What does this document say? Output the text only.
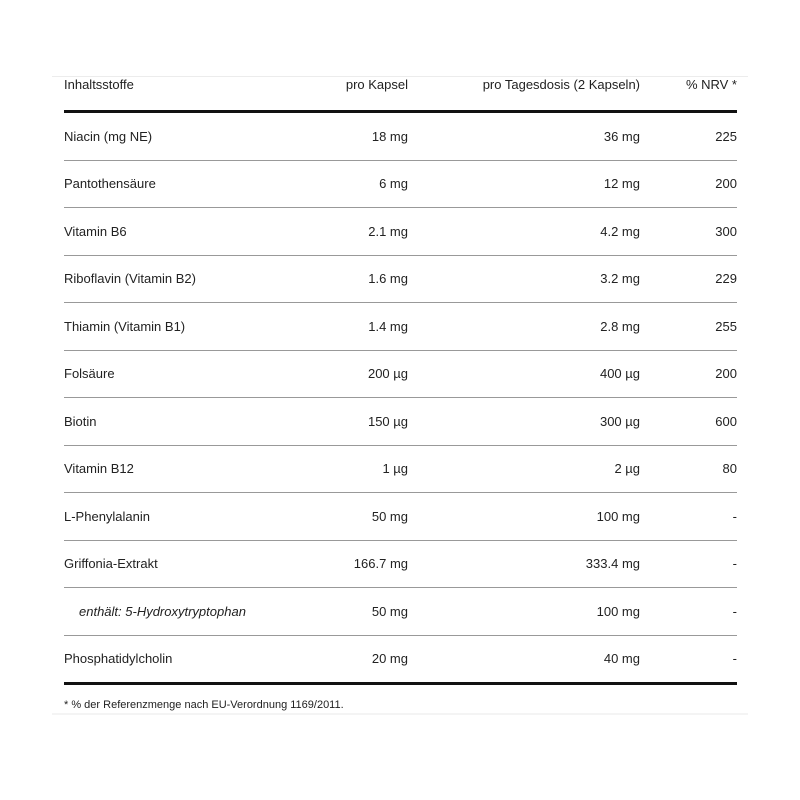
Inhaltsstoffe	pro Kapsel	pro Tagesdosis (2 Kapseln)	% NRV *
Niacin (mg NE)	18 mg	36 mg	225
Pantothensäure	6 mg	12 mg	200
Vitamin B6	2.1 mg	4.2 mg	300
Riboflavin (Vitamin B2)	1.6 mg	3.2 mg	229
Thiamin (Vitamin B1)	1.4 mg	2.8 mg	255
Folsäure	200 µg	400 µg	200
Biotin	150 µg	300 µg	600
Vitamin B12	1 µg	2 µg	80
L-Phenylalanin	50 mg	100 mg	-
Griffonia-Extrakt	166.7 mg	333.4 mg	-
enthält: 5-Hydroxytryptophan	50 mg	100 mg	-
Phosphatidylcholin	20 mg	40 mg	-
* % der Referenzmenge nach EU-Verordnung 1169/2011.
